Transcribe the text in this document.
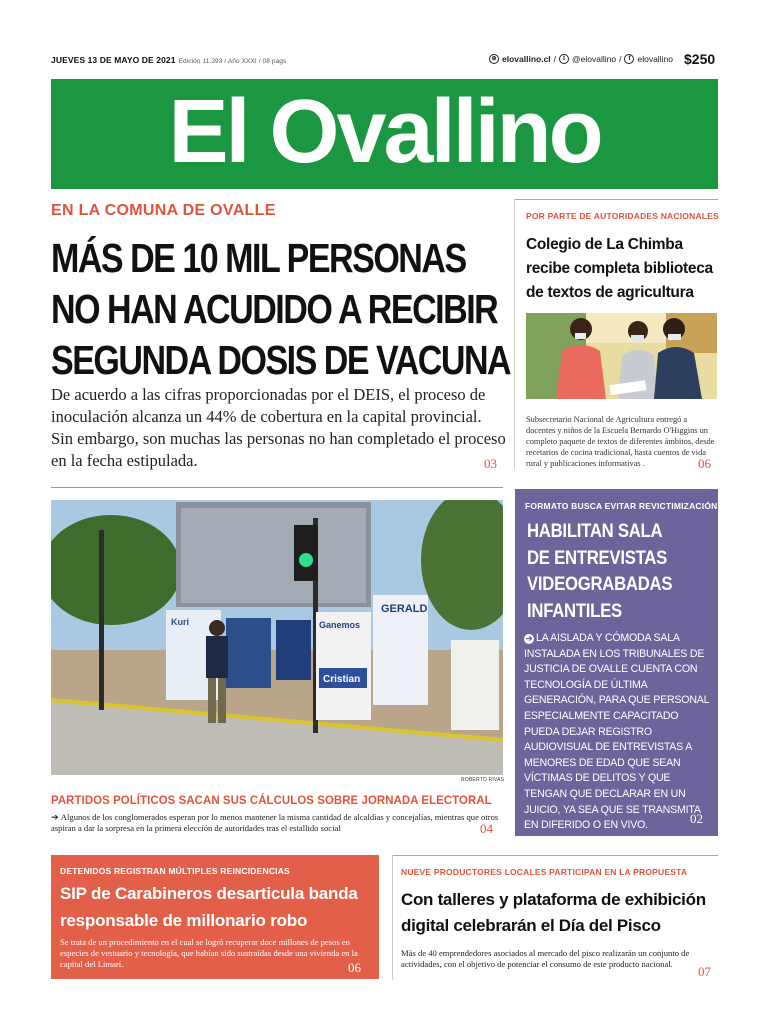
JUEVES 13 DE MAYO DE 2021 Edición 11.393 / Año XXXI / 08 págs	⊕ elovallino.cl /	t @elovallino /	f elovallino $250
El Ovallino
EN LA COMUNA DE OVALLE
MÁS DE 10 MIL PERSONAS
NO HAN ACUDIDO A RECIBIR
SEGUNDA DOSIS DE VACUNA
De acuerdo a las cifras proporcionadas por el DEIS, el proceso de inoculación alcanza un 44% de cobertura en la capital provincial. Sin embargo, son muchas las personas no han completado el proceso en la fecha estipulada.	03
POR PARTE DE AUTORIDADES NACIONALES
Colegio de La Chimba recibe completa biblioteca de textos de agricultura
Subsecretario Nacional de Agricultura entregó a docentes y niños de la Escuela Bernardo O'Higgins un completo paquete de textos de diferentes ámbitos, desde recetarios de cocina tradicional, hasta cuentos de vida rural y publicaciones informativas .	06
GERALD
Cristian
Ganemos
Kuri
ROBERTO RIVAS
PARTIDOS POLÍTICOS SACAN SUS CÁLCULOS SOBRE JORNADA ELECTORAL
➔ Algunos de los conglomerados esperan por lo menos mantener la misma cantidad de alcaldías y concejalías, mientras que otros aspiran a dar la sorpresa en la primera elección de autoridades tras el estallido social	04
FORMATO BUSCA EVITAR REVICTIMIZACIÓN
HABILITAN SALA
DE ENTREVISTAS
VIDEOGRABADAS
INFANTILES
➔ LA AISLADA Y CÓMODA SALA INSTALADA EN LOS TRIBUNALES DE JUSTICIA DE OVALLE CUENTA CON TECNOLOGÍA DE ÚLTIMA GENERACIÓN, PARA QUE PERSONAL ESPECIALMENTE CAPACITADO PUEDA DEJAR REGISTRO AUDIOVISUAL DE ENTREVISTAS A MENORES DE EDAD QUE SEAN VÍCTIMAS DE DELITOS Y QUE TENGAN QUE DECLARAR EN UN JUICIO, YA SEA QUE SE TRANSMITA EN DIFERIDO O EN VIVO.	02
DETENIDOS REGISTRAN MÚLTIPLES REINCIDENCIAS
SIP de Carabineros desarticula banda responsable de millonario robo
Se trata de un procedimiento en el cual se logró recuperar doce millones de pesos en especies de vestuario y tecnología, que habían sido sustraídas desde una vivienda en la capital del Limarí.	06
NUEVE PRODUCTORES LOCALES PARTICIPAN EN LA PROPUESTA
Con talleres y plataforma de exhibición digital celebrarán el Día del Pisco
Más de 40 emprendedores asociados al mercado del pisco realizarán un conjunto de actividades, con el objetivo de potenciar el consumo de este producto nacional.	07
